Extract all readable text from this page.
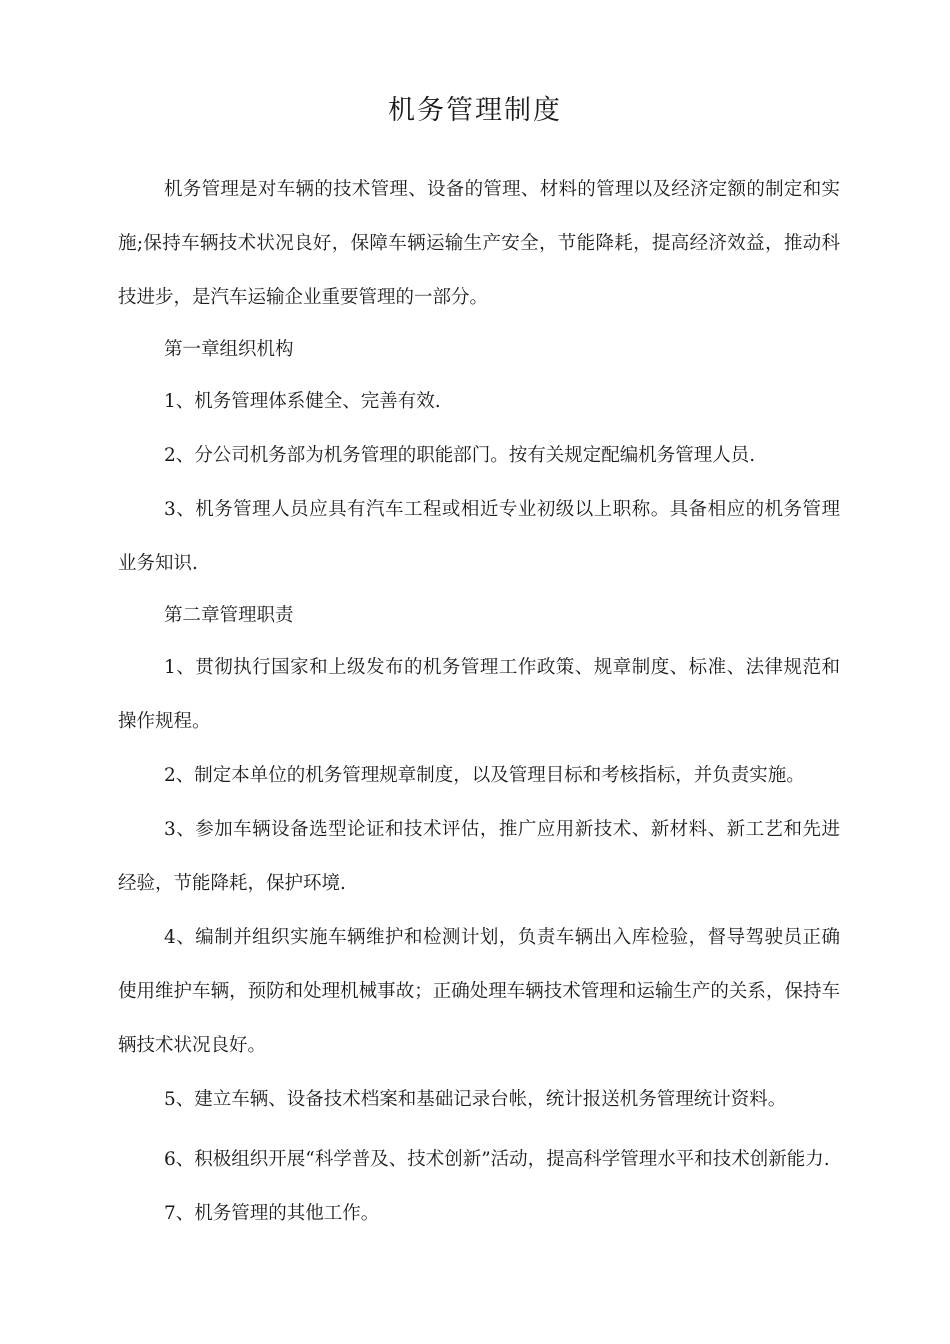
机务管理制度

机务管理是对车辆的技术管理、设备的管理、材料的管理以及经济定额的制定和实施;保持车辆技术状况良好，保障车辆运输生产安全，节能降耗，提高经济效益，推动科技进步，是汽车运输企业重要管理的一部分。

第一章组织机构

1、机务管理体系健全、完善有效.

2、分公司机务部为机务管理的职能部门。按有关规定配编机务管理人员.

3、机务管理人员应具有汽车工程或相近专业初级以上职称。具备相应的机务管理业务知识.

第二章管理职责

1、贯彻执行国家和上级发布的机务管理工作政策、规章制度、标准、法律规范和操作规程。

2、制定本单位的机务管理规章制度，以及管理目标和考核指标，并负责实施。

3、参加车辆设备选型论证和技术评估，推广应用新技术、新材料、新工艺和先进经验，节能降耗，保护环境.

4、编制并组织实施车辆维护和检测计划，负责车辆出入库检验，督导驾驶员正确使用维护车辆，预防和处理机械事故；正确处理车辆技术管理和运输生产的关系，保持车辆技术状况良好。

5、建立车辆、设备技术档案和基础记录台帐，统计报送机务管理统计资料。

6、积极组织开展“科学普及、技术创新”活动，提高科学管理水平和技术创新能力.

7、机务管理的其他工作。
